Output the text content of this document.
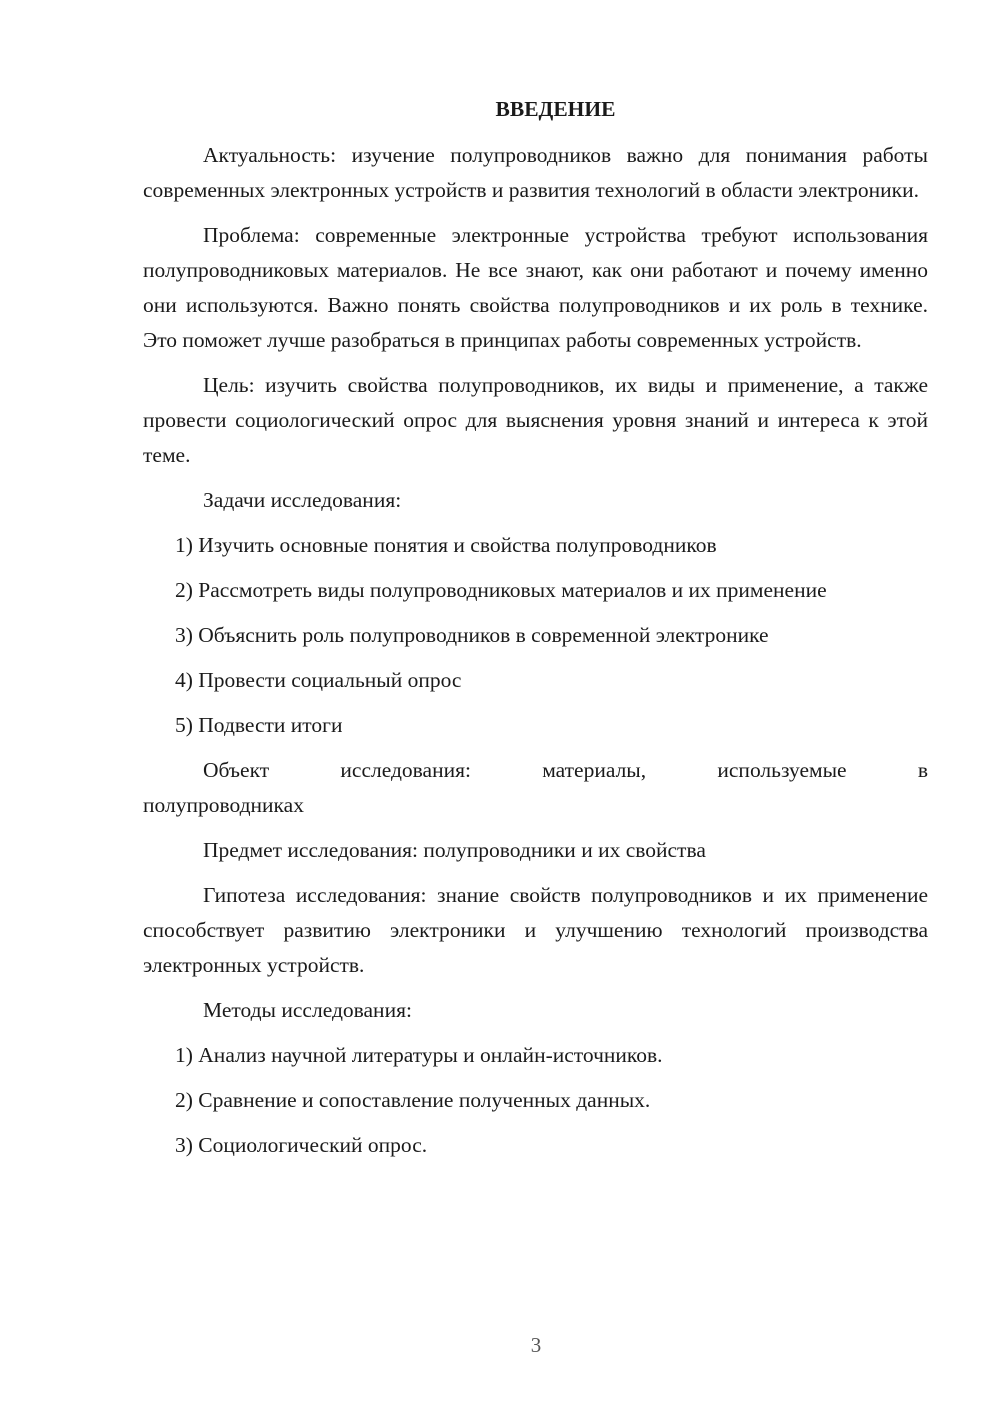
ВВЕДЕНИЕ

Актуальность: изучение полупроводников важно для понимания работы современных электронных устройств и развития технологий в области электроники.

Проблема: современные электронные устройства требуют использования полупроводниковых материалов. Не все знают, как они работают и почему именно они используются. Важно понять свойства полупроводников и их роль в технике. Это поможет лучше разобраться в принципах работы современных устройств.

Цель: изучить свойства полупроводников, их виды и применение, а также провести социологический опрос для выяснения уровня знаний и интереса к этой теме.

Задачи исследования:

1) Изучить основные понятия и свойства полупроводников
2) Рассмотреть виды полупроводниковых материалов и их применение
3) Объяснить роль полупроводников в современной электронике
4) Провести социальный опрос
5) Подвести итоги

Объект исследования: материалы, используемые в

полупроводниках

Предмет исследования: полупроводники и их свойства

Гипотеза исследования: знание свойств полупроводников и их применение способствует развитию электроники и улучшению технологий производства электронных устройств.

Методы исследования:

1) Анализ научной литературы и онлайн-источников.
2) Сравнение и сопоставление полученных данных.
3) Социологический опрос.
3
